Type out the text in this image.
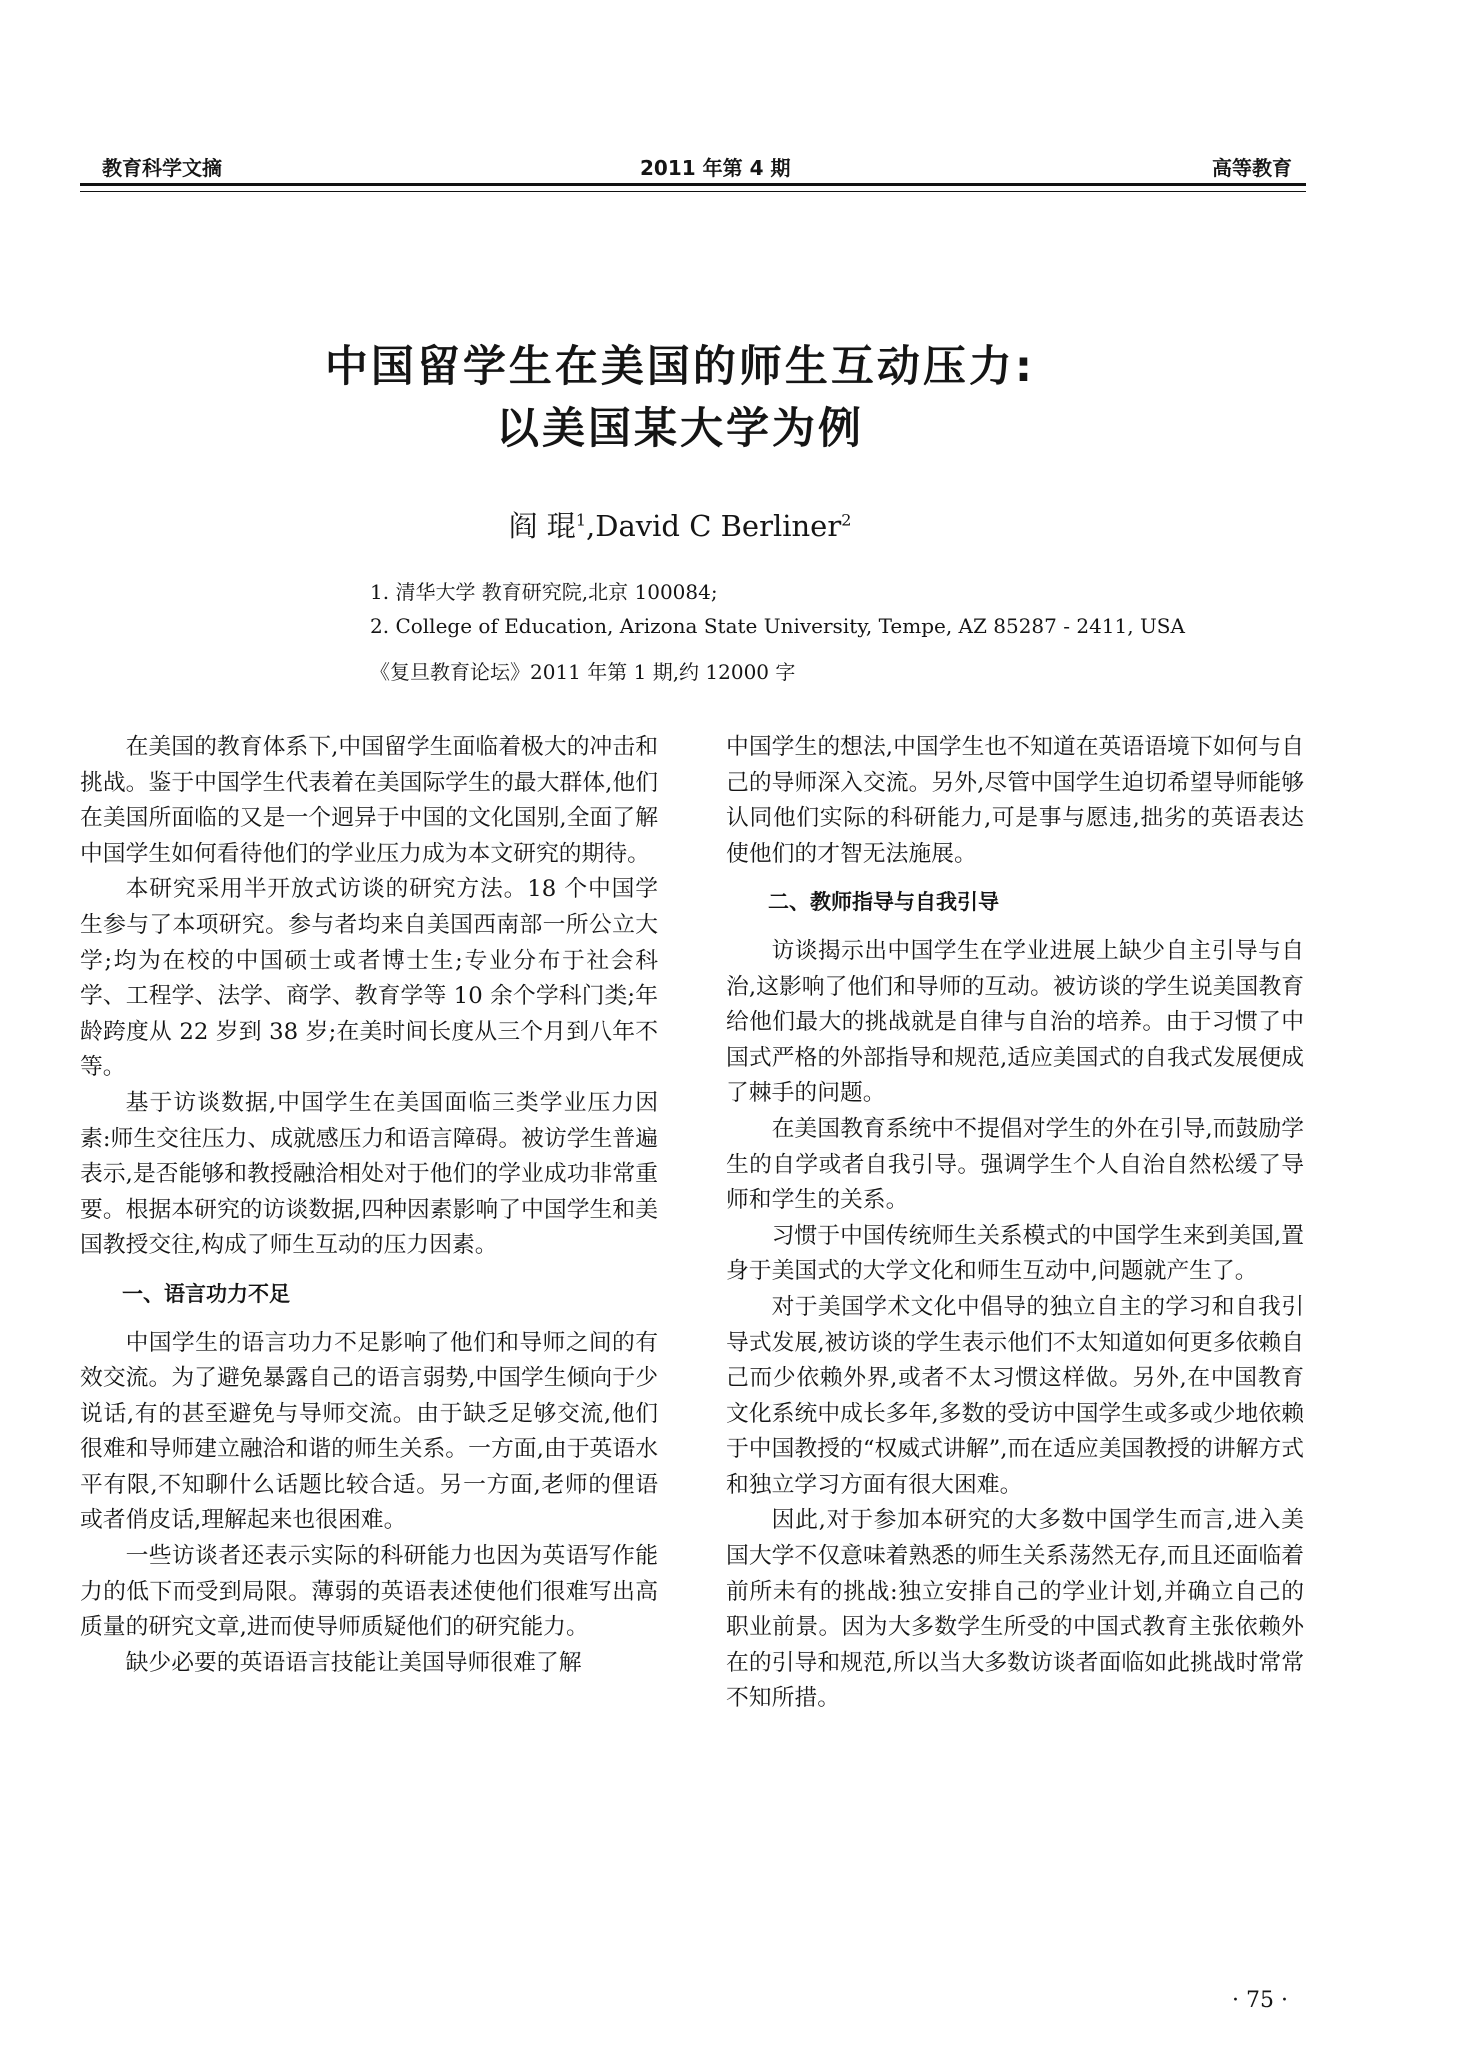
教育科学文摘	2011 年第 4 期	高等教育
中国留学生在美国的师生互动压力:
以美国某大学为例
阎 琨$^1$,David C Berliner$^2$
1. 清华大学 教育研究院,北京 100084;
2. College of Education, Arizona State University, Tempe, AZ 85287 - 2411, USA
《复旦教育论坛》2011 年第 1 期,约 12000 字

在美国的教育体系下,中国留学生面临着极大的冲击和挑战。鉴于中国学生代表着在美国际学生的最大群体,他们在美国所面临的又是一个迥异于中国的文化国别,全面了解中国学生如何看待他们的学业压力成为本文研究的期待。

本研究采用半开放式访谈的研究方法。18 个中国学生参与了本项研究。参与者均来自美国西南部一所公立大学;均为在校的中国硕士或者博士生;专业分布于社会科学、工程学、法学、商学、教育学等 10 余个学科门类;年龄跨度从 22 岁到 38 岁;在美时间长度从三个月到八年不等。

基于访谈数据,中国学生在美国面临三类学业压力因素:师生交往压力、成就感压力和语言障碍。被访学生普遍表示,是否能够和教授融洽相处对于他们的学业成功非常重要。根据本研究的访谈数据,四种因素影响了中国学生和美国教授交往,构成了师生互动的压力因素。

一、语言功力不足

中国学生的语言功力不足影响了他们和导师之间的有效交流。为了避免暴露自己的语言弱势,中国学生倾向于少说话,有的甚至避免与导师交流。由于缺乏足够交流,他们很难和导师建立融洽和谐的师生关系。一方面,由于英语水平有限,不知聊什么话题比较合适。另一方面,老师的俚语或者俏皮话,理解起来也很困难。

一些访谈者还表示实际的科研能力也因为英语写作能力的低下而受到局限。薄弱的英语表述使他们很难写出高质量的研究文章,进而使导师质疑他们的研究能力。

缺少必要的英语语言技能让美国导师很难了解

中国学生的想法,中国学生也不知道在英语语境下如何与自己的导师深入交流。另外,尽管中国学生迫切希望导师能够认同他们实际的科研能力,可是事与愿违,拙劣的英语表达使他们的才智无法施展。

二、教师指导与自我引导

访谈揭示出中国学生在学业进展上缺少自主引导与自治,这影响了他们和导师的互动。被访谈的学生说美国教育给他们最大的挑战就是自律与自治的培养。由于习惯了中国式严格的外部指导和规范,适应美国式的自我式发展便成了棘手的问题。

在美国教育系统中不提倡对学生的外在引导,而鼓励学生的自学或者自我引导。强调学生个人自治自然松缓了导师和学生的关系。

习惯于中国传统师生关系模式的中国学生来到美国,置身于美国式的大学文化和师生互动中,问题就产生了。

对于美国学术文化中倡导的独立自主的学习和自我引导式发展,被访谈的学生表示他们不太知道如何更多依赖自己而少依赖外界,或者不太习惯这样做。另外,在中国教育文化系统中成长多年,多数的受访中国学生或多或少地依赖于中国教授的“权威式讲解”,而在适应美国教授的讲解方式和独立学习方面有很大困难。

因此,对于参加本研究的大多数中国学生而言,进入美国大学不仅意味着熟悉的师生关系荡然无存,而且还面临着前所未有的挑战:独立安排自己的学业计划,并确立自己的职业前景。因为大多数学生所受的中国式教育主张依赖外在的引导和规范,所以当大多数访谈者面临如此挑战时常常不知所措。

· 75 ·
